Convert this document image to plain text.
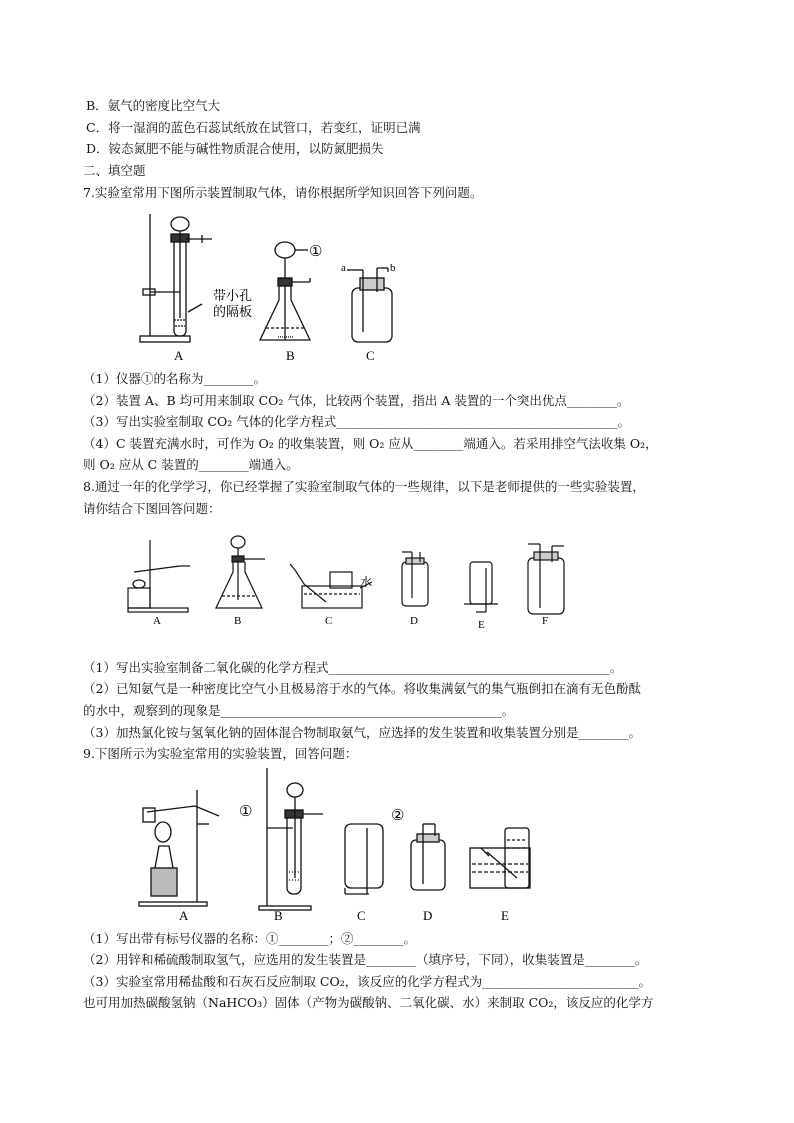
B．氨气的密度比空气大
C．将一湿润的蓝色石蕊试纸放在试管口，若变红，证明已满
D．铵态氮肥不能与碱性物质混合使用，以防氮肥损失
二、填空题
7.实验室常用下图所示装置制取气体，请你根据所学知识回答下列问题。
带小孔
的隔板
①
a	b
A	B	C
（1）仪器①的名称为________。
（2）装置 A、B 均可用来制取 CO₂ 气体，比较两个装置，指出 A 装置的一个突出优点________。
（3）写出实验室制取 CO₂ 气体的化学方程式_____________________________________________。
（4）C 装置充满水时，可作为 O₂ 的收集装置，则 O₂ 应从________端通入。若采用排空气法收集 O₂，
则 O₂ 应从 C 装置的________端通入。
8.通过一年的化学学习，你已经掌握了实验室制取气体的一些规律，以下是老师提供的一些实验装置，
请你结合下图回答问题：
水
A	B	C	D	E	F
（1）写出实验室制备二氧化碳的化学方程式_____________________________________________。
（2）已知氨气是一种密度比空气小且极易溶于水的气体。将收集满氨气的集气瓶倒扣在滴有无色酚酞
的水中，观察到的现象是_____________________________________________。
（3）加热氯化铵与氢氧化钠的固体混合物制取氨气，应选择的发生装置和收集装置分别是________。
9.下图所示为实验室常用的实验装置，回答问题：
①	②
A	B	C	D	E
（1）写出带有标号仪器的名称：①________；②________。
（2）用锌和稀硫酸制取氢气，应选用的发生装置是________（填序号，下同），收集装置是________。
（3）实验室常用稀盐酸和石灰石反应制取 CO₂，该反应的化学方程式为_________________________。
也可用加热碳酸氢钠（NaHCO₃）固体（产物为碳酸钠、二氧化碳、水）来制取 CO₂，该反应的化学方
